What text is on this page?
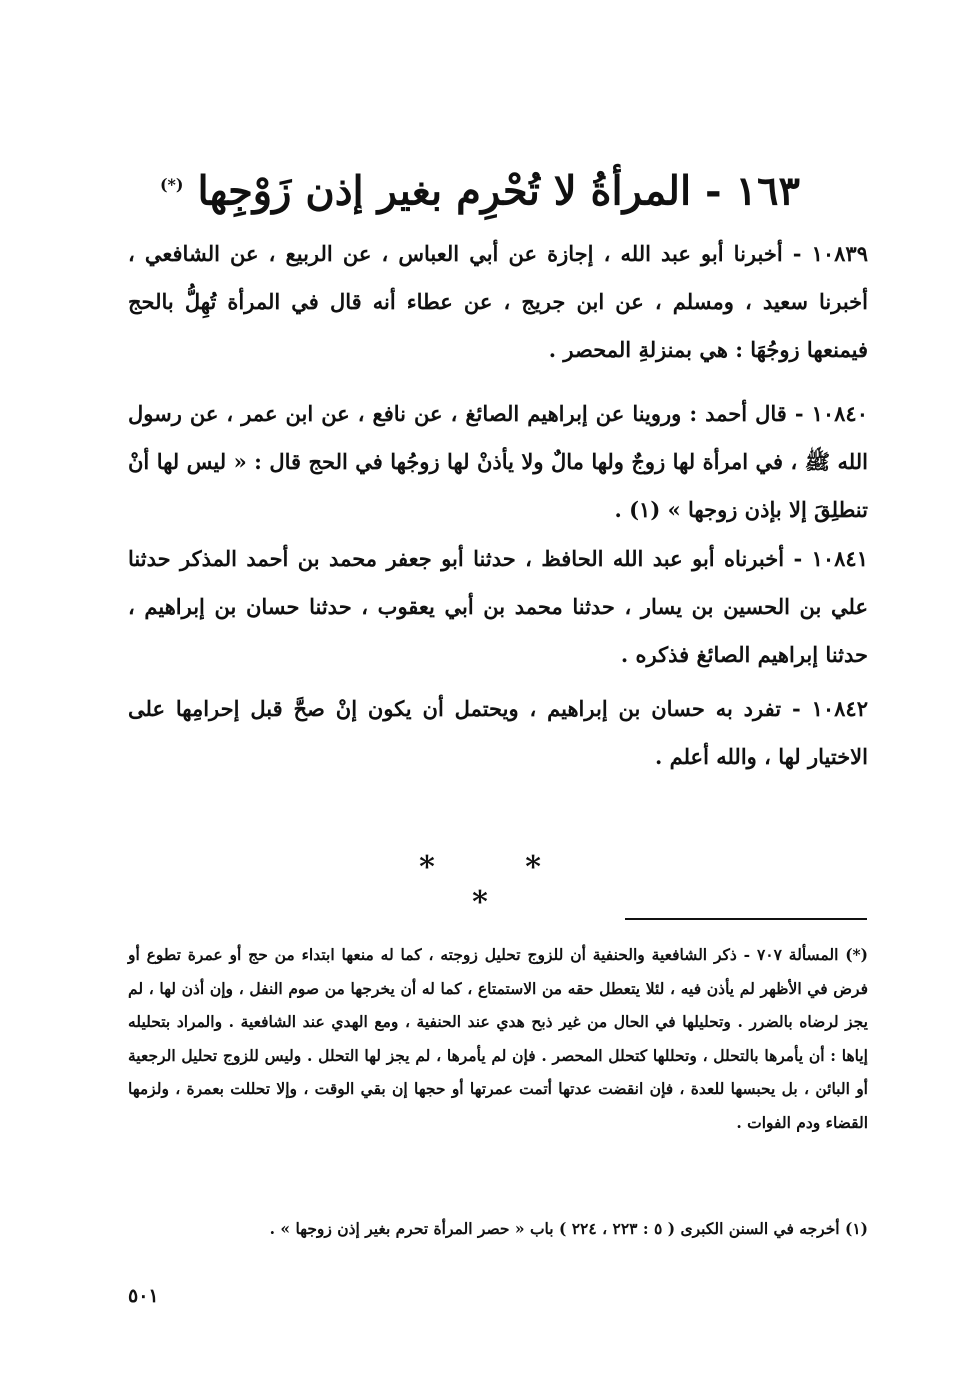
١٦٣ - المرأةُ لا تُحْرِم بغير إذن زَوْجِها (*)

١٠٨٣٩ - أخبرنا أبو عبد الله ، إجازة عن أبي العباس ، عن الربيع ، عن الشافعي ، أخبرنا سعيد ، ومسلم ، عن ابن جريج ، عن عطاء أنه قال في المرأة تُهِلُّ بالحج فيمنعها زوجُهَا : هي بمنزلةِ المحصر .

١٠٨٤٠ - قال أحمد : وروينا عن إبراهيم الصائغ ، عن نافع ، عن ابن عمر ، عن رسول الله ﷺ ، في امرأة لها زوجٌ ولها مالٌ ولا يأذنْ لها زوجُها في الحج قال : « ليس لها أنْ تنطلِقَ إلا بإذن زوجها » (١) .

١٠٨٤١ - أخبرناه أبو عبد الله الحافظ ، حدثنا أبو جعفر محمد بن أحمد المذكر حدثنا علي بن الحسين بن يسار ، حدثنا محمد بن أبي يعقوب ، حدثنا حسان بن إبراهيم ، حدثنا إبراهيم الصائغ فذكره .

١٠٨٤٢ - تفرد به حسان بن إبراهيم ، ويحتمل أن يكون إنْ صحَّ قبل إحرامِها على الاختيار لها ، والله أعلم .

* * *

(*) المسألة ٧٠٧ - ذكر الشافعية والحنفية أن للزوج تحليل زوجته ، كما له منعها ابتداء من حج أو عمرة تطوع أو فرض في الأظهر لم يأذن فيه ، لئلا يتعطل حقه من الاستمتاع ، كما له أن يخرجها من صوم النفل ، وإن أذن لها ، لم يجز لرضاه بالضرر . وتحليلها في الحال من غير ذبح هدي عند الحنفية ، ومع الهدي عند الشافعية . والمراد بتحليله إياها : أن يأمرها بالتحلل ، وتحللها كتحلل المحصر . فإن لم يأمرها ، لم يجز لها التحلل . وليس للزوج تحليل الرجعية أو البائن ، بل يحبسها للعدة ، فإن انقضت عدتها أتمت عمرتها أو حجها إن بقي الوقت ، وإلا تحللت بعمرة ، ولزمها القضاء ودم الفوات .

(١) أخرجه في السنن الكبرى ( ٥ : ٢٢٣ ، ٢٢٤ ) باب « حصر المرأة تحرم بغير إذن زوجها » .

٥٠١
